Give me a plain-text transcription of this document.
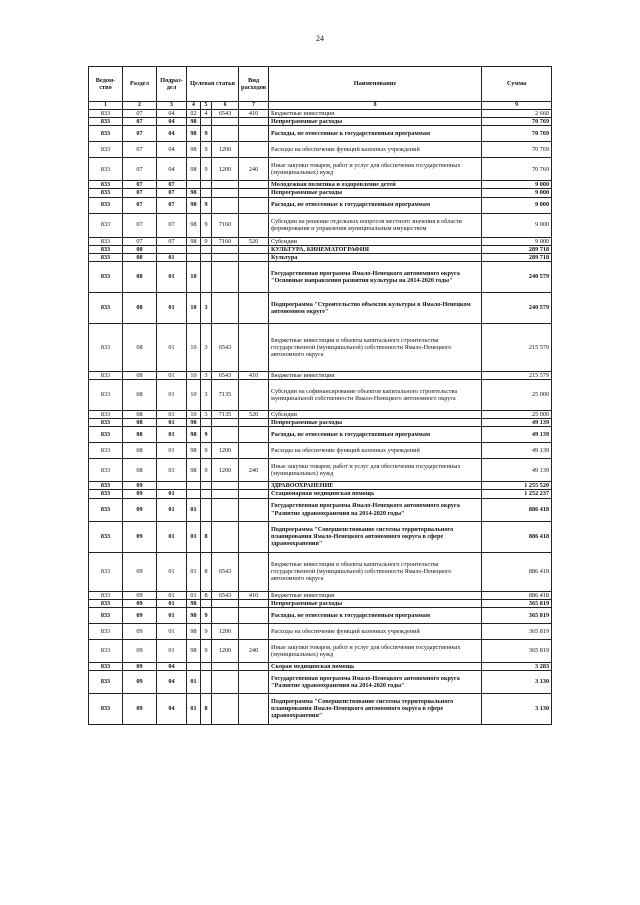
24
Ведом-ство	Раздел	Подраз-дел	Целевая статья			Вид расходов	Наименование	Сумма
1	2	3	4	5	6	7	8	9
833	07	04	02	4	6543	410	Бюджетные инвестиции	2 660
833	07	04	98				Непрограммные расходы	70 769
833	07	04	98	9			Расходы, не отнесенные к государственным программам	70 769
833	07	04	98	9	1200		Расходы на обеспечение функций казенных учреждений	70 769
833	07	04	98	9	1200	240	Иные закупки товаров, работ и услуг для обеспечения государственных (муниципальных) нужд	70 769
833	07	07					Молодежная политика и оздоровление детей	9 000
833	07	07	98				Непрограммные расходы	9 000
833	07	07	98	9			Расходы, не отнесенные к государственным программам	9 000
833	07	07	98	9	7160		Субсидии на решение отдельных вопросов местного значения в области формирования и управления муниципальным имуществом	9 000
833	07	07	98	9	7160	520	Субсидии	9 000
833	08						КУЛЬТУРА, КИНЕМАТОГРАФИЯ	289 718
833	08	01					Культура	289 718
833	08	01	10				Государственная программа Ямало-Ненецкого автономного округа "Основные направления развития культуры на 2014-2020 годы"	240 579
833	08	01	10	3			Подпрограмма "Строительство объектов культуры в Ямало-Ненецком автономном округе"	240 579
833	08	01	10	3	6543		Бюджетные инвестиции в объекты капитального строительства государственной (муниципальной) собственности Ямало-Ненецкого автономного округа	215 579
833	08	01	10	3	6543	410	Бюджетные инвестиции	215 579
833	08	01	10	3	7135		Субсидии на софинансирование объектов капитального строительства муниципальной собственности Ямало-Ненецкого автономного округа	25 000
833	08	01	10	3	7135	520	Субсидии	25 000
833	08	01	98				Непрограммные расходы	49 139
833	08	01	98	9			Расходы, не отнесенные к государственным программам	49 139
833	08	01	98	9	1200		Расходы на обеспечение функций казенных учреждений	49 139
833	08	01	98	9	1200	240	Иные закупки товаров, работ и услуг для обеспечения государственных (муниципальных) нужд	49 139
833	09						ЗДРАВООХРАНЕНИЕ	1 255 520
833	09	01					Стационарная медицинская помощь	1 252 237
833	09	01	01				Государственная программа Ямало-Ненецкого автономного округа "Развитие здравоохранения на 2014-2020 годы"	886 418
833	09	01	01	8			Подпрограмма "Совершенствование системы территориального планирования Ямало-Ненецкого автономного округа в сфере здравоохранения"	886 418
833	09	01	01	8	6543		Бюджетные инвестиции в объекты капитального строительства государственной (муниципальной) собственности Ямало-Ненецкого автономного округа	886 418
833	09	01	01	8	6543	410	Бюджетные инвестиции	886 418
833	09	01	98				Непрограммные расходы	365 819
833	09	01	98	9			Расходы, не отнесенные к государственным программам	365 819
833	09	01	98	9	1200		Расходы на обеспечение функций казенных учреждений	365 819
833	09	01	98	9	1200	240	Иные закупки товаров, работ и услуг для обеспечения государственных (муниципальных) нужд	365 819
833	09	04					Скорая медицинская помощь	3 283
833	09	04	01				Государственная программа Ямало-Ненецкого автономного округа "Развитие здравоохранения на 2014-2020 годы"	3 130
833	09	04	01	8			Подпрограмма "Совершенствование системы территориального планирования Ямало-Ненецкого автономного округа в сфере здравоохранения"	3 130
